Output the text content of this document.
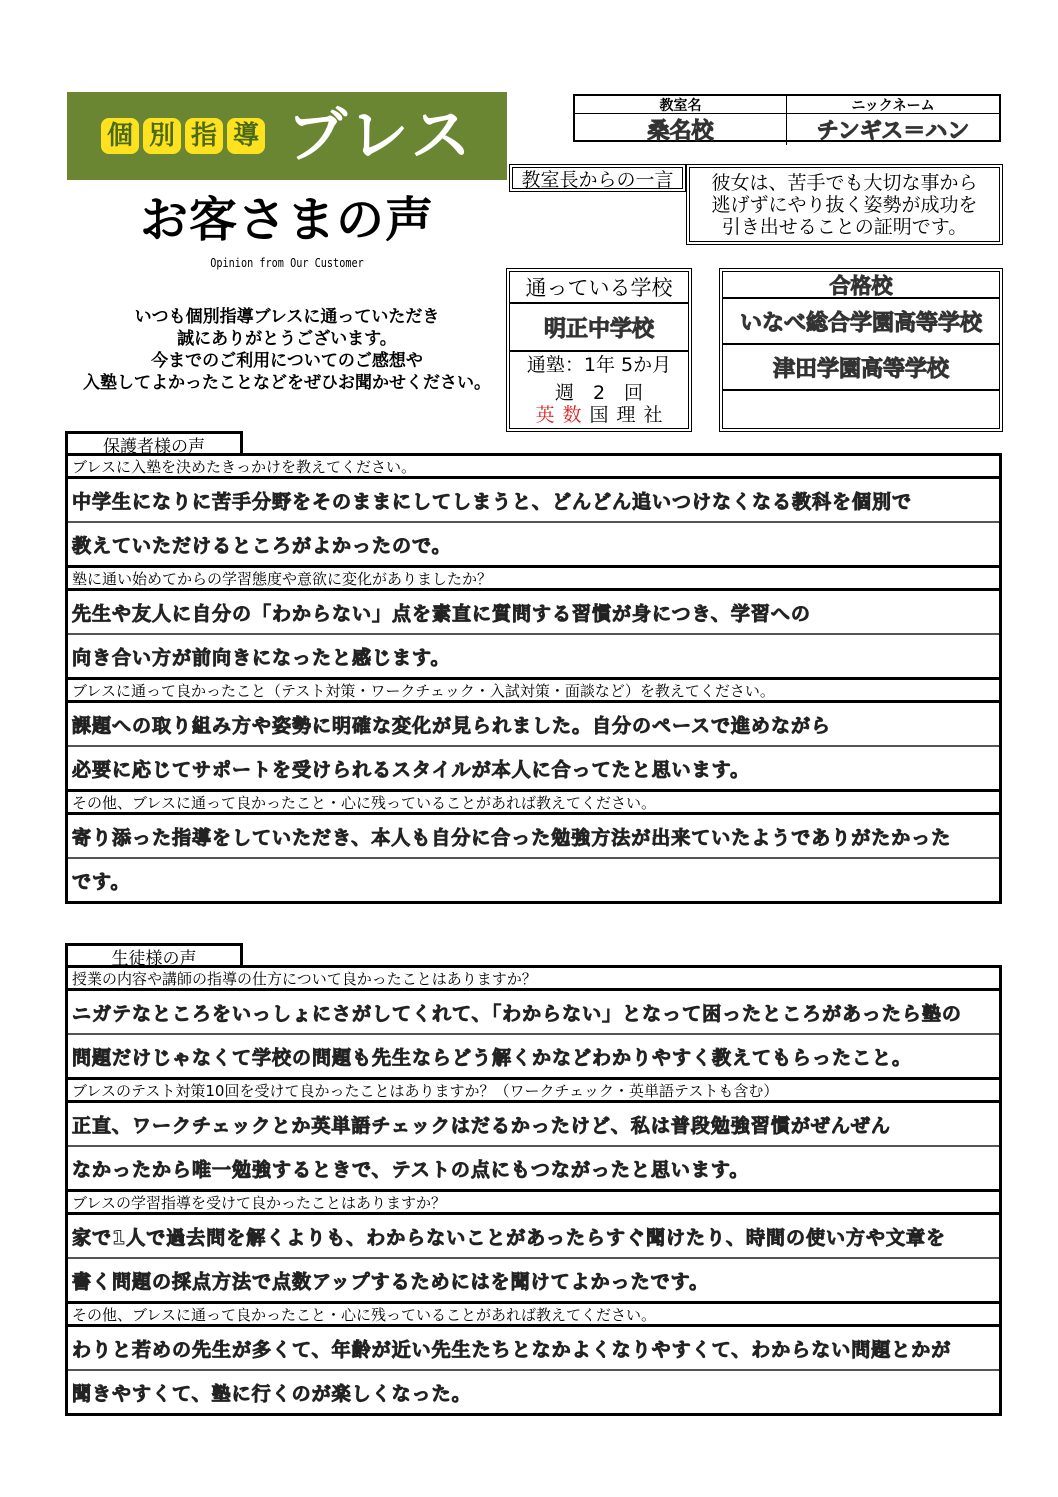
個 別 指 導 ブレス
お客さまの声
Opinion from Our Customer
いつも個別指導ブレスに通っていただき
誠にありがとうございます。
今までのご利用についてのご感想や
入塾してよかったことなどをぜひお聞かせください。
教室名	ニックネーム
桑名校	チンギス＝ハン
教室長からの一言	彼女は、苦手でも大切な事から
逃げずにやり抜く姿勢が成功を
引き出せることの証明です。
通っている学校
明正中学校
通塾：1年 5か月
週　2　回
英 数 国 理 社
合格校
いなべ総合学園高等学校
津田学園高等学校
保護者様の声
ブレスに入塾を決めたきっかけを教えてください。
中学生になりに苦手分野をそのままにしてしまうと、どんどん追いつけなくなる教科を個別で
教えていただけるところがよかったので。
塾に通い始めてからの学習態度や意欲に変化がありましたか？
先生や友人に自分の「わからない」点を素直に質問する習慣が身につき、学習への
向き合い方が前向きになったと感じます。
ブレスに通って良かったこと（テスト対策・ワークチェック・入試対策・面談など）を教えてください。
課題への取り組み方や姿勢に明確な変化が見られました。自分のペースで進めながら
必要に応じてサポートを受けられるスタイルが本人に合ってたと思います。
その他、ブレスに通って良かったこと・心に残っていることがあれば教えてください。
寄り添った指導をしていただき、本人も自分に合った勉強方法が出来ていたようでありがたかった
です。
生徒様の声
授業の内容や講師の指導の仕方について良かったことはありますか？
ニガテなところをいっしょにさがしてくれて、「わからない」となって困ったところがあったら塾の
問題だけじゃなくて学校の問題も先生ならどう解くかなどわかりやすく教えてもらったこと。
ブレスのテスト対策10回を受けて良かったことはありますか？（ワークチェック・英単語テストも含む）
正直、ワークチェックとか英単語チェックはだるかったけど、私は普段勉強習慣がぜんぜん
なかったから唯一勉強するときで、テストの点にもつながったと思います。
ブレスの学習指導を受けて良かったことはありますか？
家で1人で過去問を解くよりも、わからないことがあったらすぐ聞けたり、時間の使い方や文章を
書く問題の採点方法で点数アップするためにはを聞けてよかったです。
その他、ブレスに通って良かったこと・心に残っていることがあれば教えてください。
わりと若めの先生が多くて、年齢が近い先生たちとなかよくなりやすくて、わからない問題とかが
聞きやすくて、塾に行くのが楽しくなった。
